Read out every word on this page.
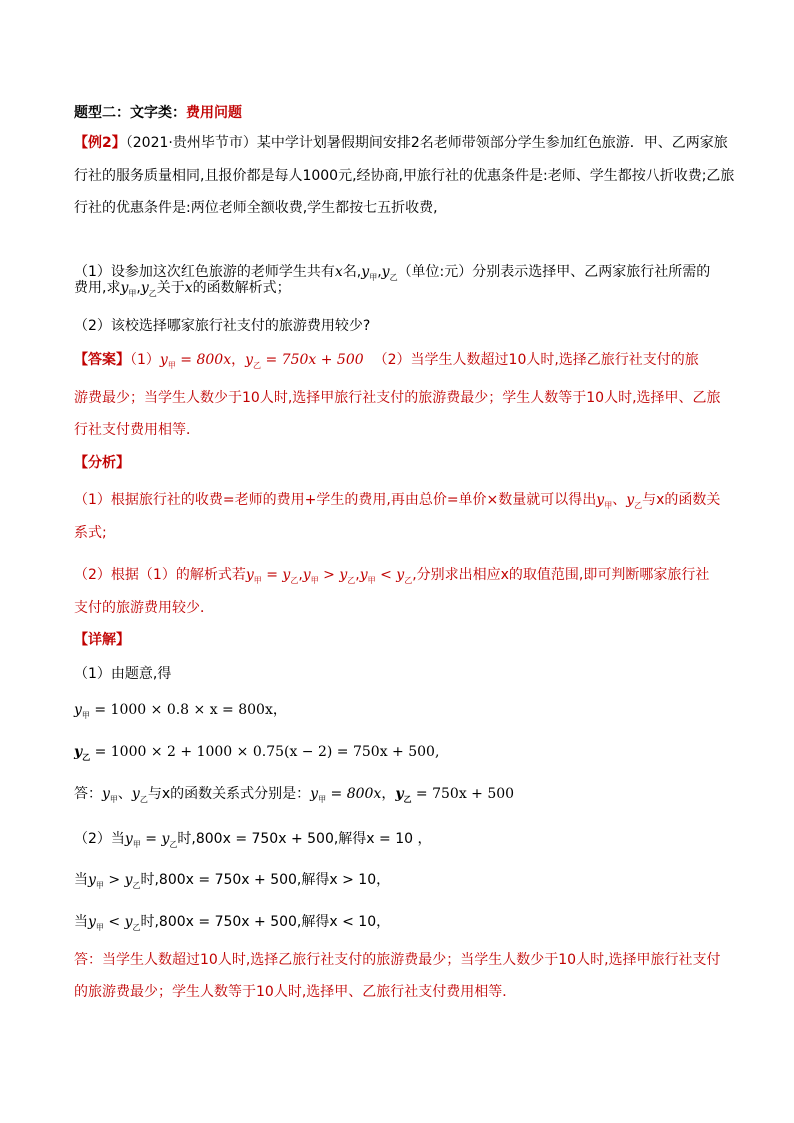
题型二：文字类：费用问题
【例2】（2021·贵州毕节市）某中学计划暑假期间安排2名老师带领部分学生参加红色旅游．甲、乙两家旅
行社的服务质量相同,且报价都是每人1000元,经协商,甲旅行社的优惠条件是:老师、学生都按八折收费;乙旅
行社的优惠条件是:两位老师全额收费,学生都按七五折收费,
（1）设参加这次红色旅游的老师学生共有x名$,y_甲,y_乙$（单位:元）分别表示选择甲、乙两家旅行社所需的
费用,求$y_甲,y_乙$关于x的函数解析式；
（2）该校选择哪家旅行社支付的旅游费用较少?
【答案】$(1)y_甲 = 800x$，$y_乙 = 750x + 500$ （2）当学生人数超过10人时,选择乙旅行社支付的旅
游费最少；当学生人数少于10人时,选择甲旅行社支付的旅游费最少；学生人数等于10人时,选择甲、乙旅
行社支付费用相等．
【分析】
（1）根据旅行社的收费=老师的费用+学生的费用,再由总价=单价×数量就可以得出$y_甲$、$y_乙$与x的函数关
系式;
（2）根据（1）的解析式若$y_甲 = y_乙,y_甲 > y_乙,y_甲 < y_乙$,分别求出相应x的取值范围,即可判断哪家旅行社
支付的旅游费用较少．
【详解】
（1）由题意,得
$y_甲 = 1000 \times 0.8 \times x = 800x$，
$y_乙 = 1000 \times 2 + 1000 \times 0.75(x - 2) = 750x + 500$,
答：$y_甲$、$y_乙$与x的函数关系式分别是：$y_甲 = 800x$，$y_乙 = 750x + 500$
（2）当$y_甲 = y_乙$时,800x = 750x + 500,解得x = 10 ，
当$y_甲 > y_乙$时,800x = 750x + 500,解得x > 10，
当$y_甲 < y_乙$时,800x = 750x + 500,解得x < 10，
答：当学生人数超过10人时,选择乙旅行社支付的旅游费最少；当学生人数少于10人时,选择甲旅行社支付
的旅游费最少；学生人数等于10人时,选择甲、乙旅行社支付费用相等．
